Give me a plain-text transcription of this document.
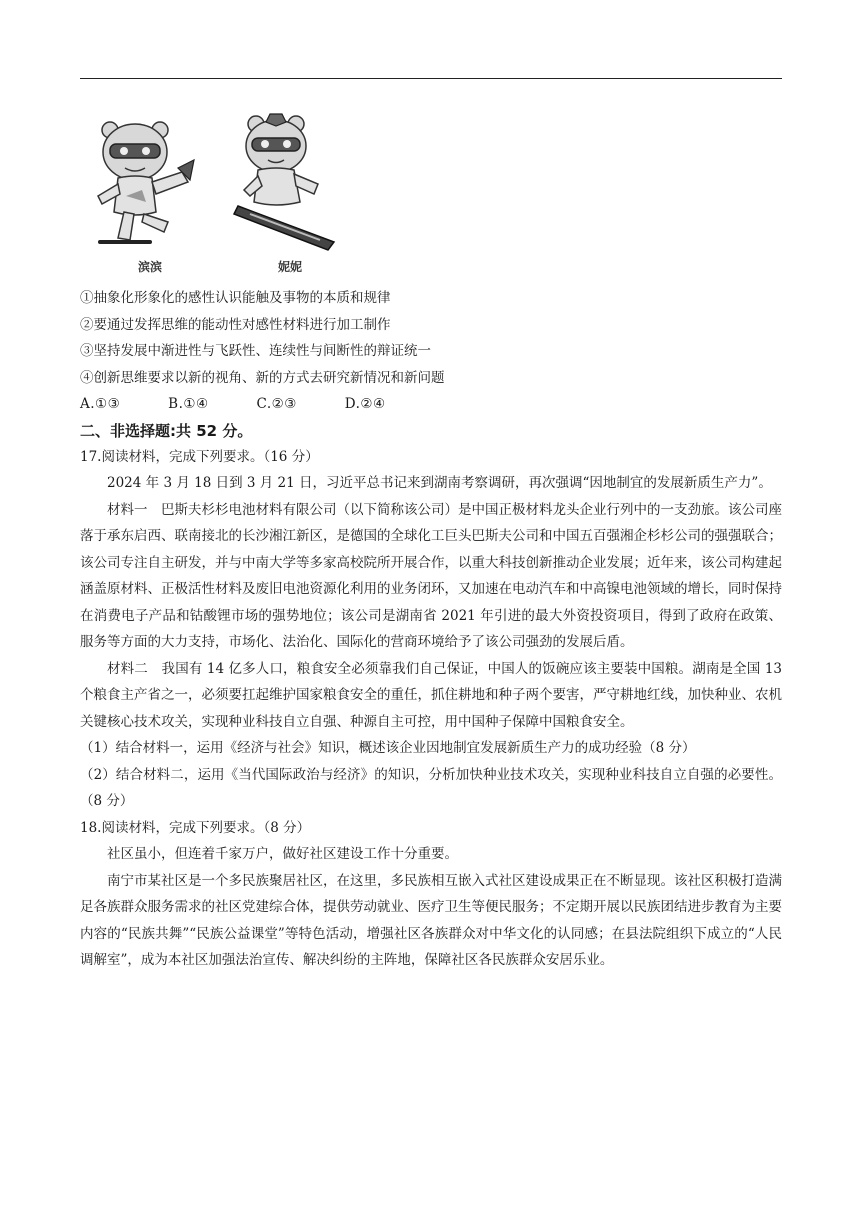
滨滨	妮妮
①抽象化形象化的感性认识能触及事物的本质和规律
②要通过发挥思维的能动性对感性材料进行加工制作
③坚持发展中渐进性与飞跃性、连续性与间断性的辩证统一
④创新思维要求以新的视角、新的方式去研究新情况和新问题
A.①③          B.①④          C.②③          D.②④
二、非选择题:共 52 分。
17.阅读材料，完成下列要求。（16 分）
2024 年 3 月 18 日到 3 月 21 日，习近平总书记来到湖南考察调研，再次强调“因地制宜的发展新质生产力”。
材料一　巴斯夫杉杉电池材料有限公司（以下简称该公司）是中国正极材料龙头企业行列中的一支劲旅。该公司座落于承东启西、联南接北的长沙湘江新区，是德国的全球化工巨头巴斯夫公司和中国五百强湘企杉杉公司的强强联合；该公司专注自主研发，并与中南大学等多家高校院所开展合作，以重大科技创新推动企业发展；近年来，该公司构建起涵盖原材料、正极活性材料及废旧电池资源化利用的业务闭环，又加速在电动汽车和中高镍电池领域的增长，同时保持在消费电子产品和钴酸锂市场的强势地位；该公司是湖南省 2021 年引进的最大外资投资项目，得到了政府在政策、服务等方面的大力支持，市场化、法治化、国际化的营商环境给予了该公司强劲的发展后盾。
材料二　我国有 14 亿多人口，粮食安全必须靠我们自己保证，中国人的饭碗应该主要装中国粮。湖南是全国 13 个粮食主产省之一，必须要扛起维护国家粮食安全的重任，抓住耕地和种子两个要害，严守耕地红线，加快种业、农机关键核心技术攻关，实现种业科技自立自强、种源自主可控，用中国种子保障中国粮食安全。
（1）结合材料一，运用《经济与社会》知识，概述该企业因地制宜发展新质生产力的成功经验（8 分）
（2）结合材料二，运用《当代国际政治与经济》的知识，分析加快种业技术攻关，实现种业科技自立自强的必要性。（8 分）
18.阅读材料，完成下列要求。（8 分）
社区虽小，但连着千家万户，做好社区建设工作十分重要。
南宁市某社区是一个多民族聚居社区，在这里，多民族相互嵌入式社区建设成果正在不断显现。该社区积极打造满足各族群众服务需求的社区党建综合体，提供劳动就业、医疗卫生等便民服务；不定期开展以民族团结进步教育为主要内容的“民族共舞”“民族公益课堂”等特色活动，增强社区各族群众对中华文化的认同感；在县法院组织下成立的“人民调解室”，成为本社区加强法治宣传、解决纠纷的主阵地，保障社区各民族群众安居乐业。
